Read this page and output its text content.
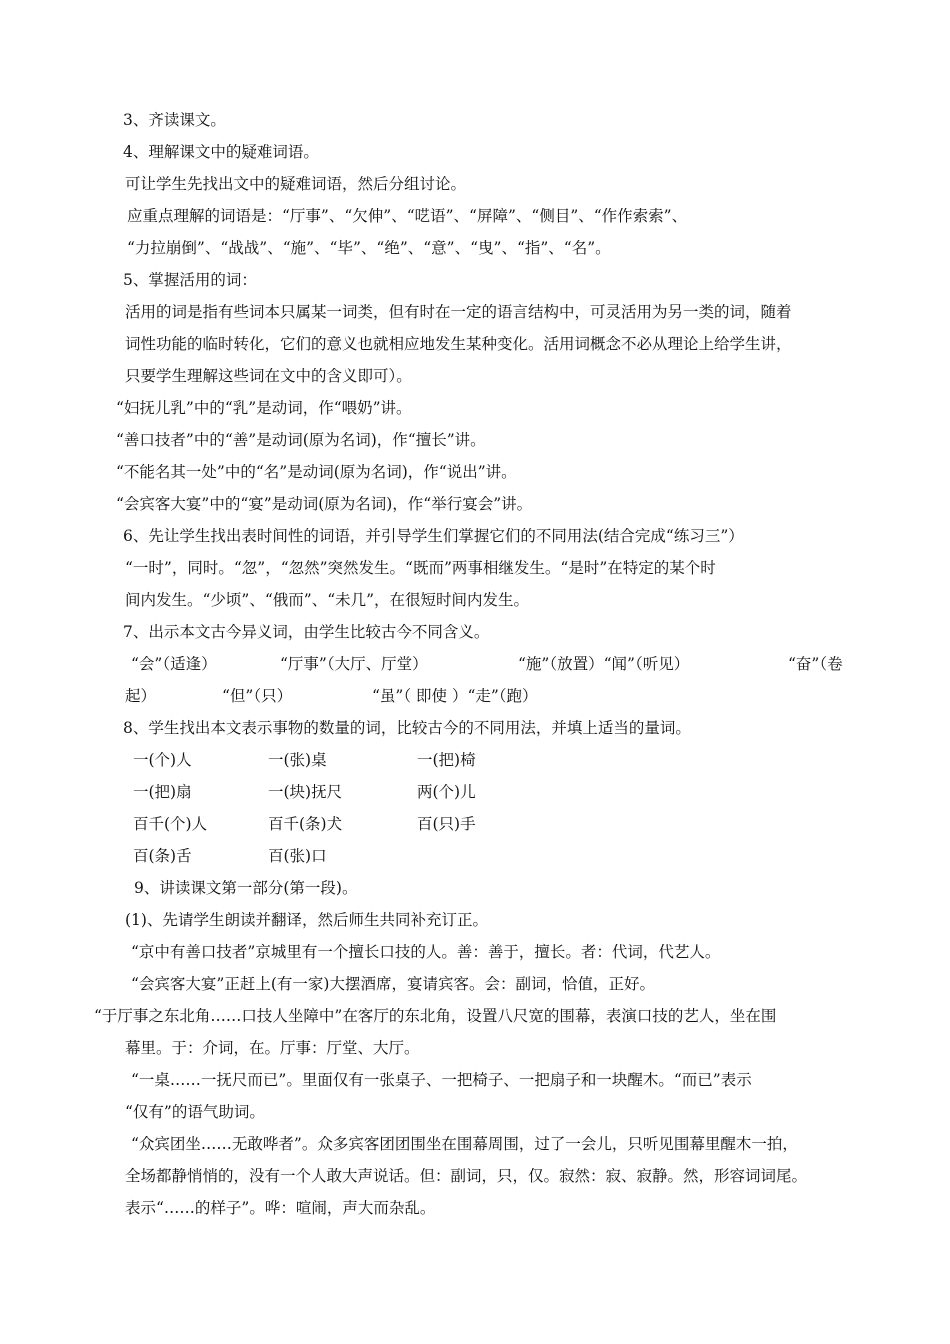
3、齐读课文。
4、理解课文中的疑难词语。
可让学生先找出文中的疑难词语，然后分组讨论。
应重点理解的词语是：“厅事”、“欠伸”、“呓语”、“屏障”、“侧目”、“作作索索”、
“力拉崩倒”、“战战”、“施”、“毕”、“绝”、“意”、“曳”、“指”、“名”。
5、掌握活用的词：
活用的词是指有些词本只属某一词类，但有时在一定的语言结构中，可灵活用为另一类的词，随着
词性功能的临时转化，它们的意义也就相应地发生某种变化。活用词概念不必从理论上给学生讲，
只要学生理解这些词在文中的含义即可）。
“妇抚儿乳”中的“乳”是动词，作“喂奶”讲。
“善口技者”中的“善”是动词(原为名词)，作“擅长”讲。
“不能名其一处”中的“名”是动词(原为名词)，作“说出”讲。
“会宾客大宴”中的“宴”是动词(原为名词)，作“举行宴会”讲。
6、先让学生找出表时间性的词语，并引导学生们掌握它们的不同用法(结合完成“练习三”）
“一时”，同时。“忽”，“忽然”突然发生。“既而”两事相继发生。“是时”在特定的某个时
间内发生。“少顷”、“俄而”、“未几”，在很短时间内发生。
7、出示本文古今异义词，由学生比较古今不同含义。
“会”（适逢）	“厅事”（大厅、厅堂）	“施”（放置）“闻”（听见）	“奋”（卷
起）	“但”（只）	“虽”（ 即使 ）“走”（跑）
8、学生找出本文表示事物的数量的词，比较古今的不同用法，并填上适当的量词。
一(个)人	一(张)桌	一(把)椅
一(把)扇	一(块)抚尺	两(个)儿
百千(个)人	百千(条)犬	百(只)手
百(条)舌	百(张)口
9、讲读课文第一部分(第一段)。
(1)、先请学生朗读并翻译，然后师生共同补充订正。
“京中有善口技者”京城里有一个擅长口技的人。善：善于，擅长。者：代词，代艺人。
“会宾客大宴”正赶上(有一家)大摆酒席，宴请宾客。会：副词，恰值，正好。
“于厅事之东北角……口技人坐障中”在客厅的东北角，设置八尺宽的围幕，表演口技的艺人，坐在围
幕里。于：介词，在。厅事：厅堂、大厅。
“一桌……一抚尺而已”。里面仅有一张桌子、一把椅子、一把扇子和一块醒木。“而已”表示
“仅有”的语气助词。
“众宾团坐……无敢哗者”。众多宾客团团围坐在围幕周围，过了一会儿，只听见围幕里醒木一拍，
全场都静悄悄的，没有一个人敢大声说话。但：副词，只，仅。寂然：寂、寂静。然，形容词词尾。
表示“……的样子”。哗：喧闹，声大而杂乱。
